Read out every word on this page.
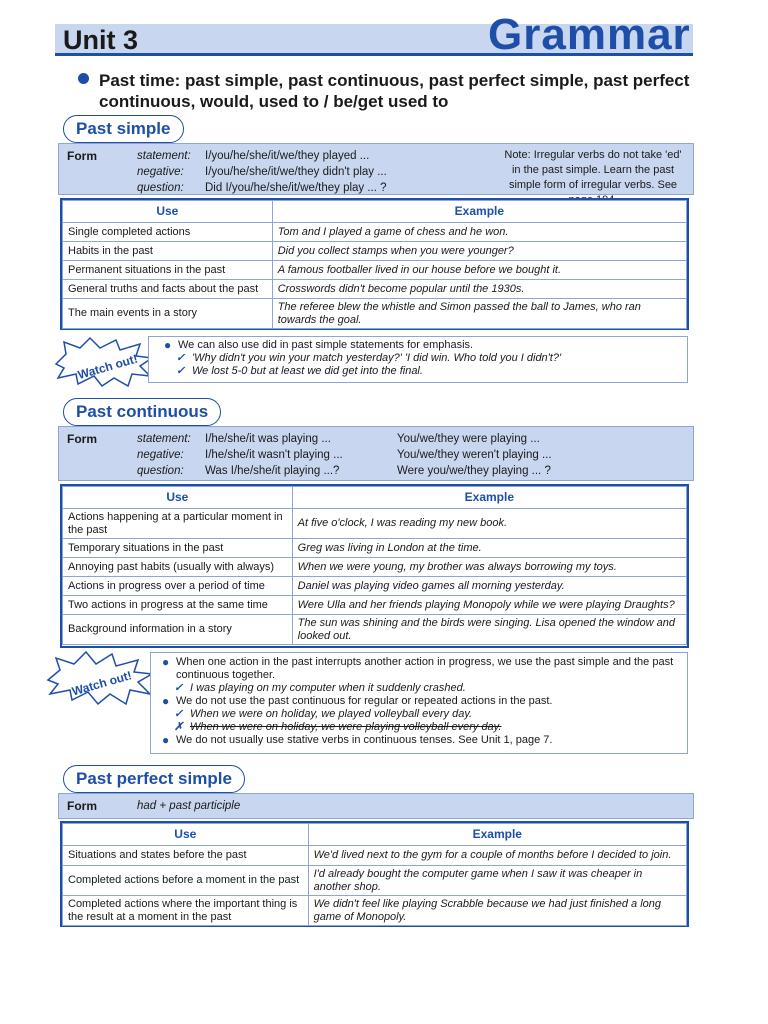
Unit 3	Grammar
Past time: past simple, past continuous, past perfect simple, past perfect
continuous, would, used to / be/get used to
Past simple
Form	statement:	I/you/he/she/it/we/they played ...
negative:	I/you/he/she/it/we/they didn't play ...
question:	Did I/you/he/she/it/we/they play ... ?
Note: Irregular verbs do not take 'ed' in the past simple. Learn the past simple form of irregular verbs. See
Use	Example
Single completed actions	Tom and I played a game of chess and he won.
Habits in the past	Did you collect stamps when you were younger?
Permanent situations in the past	A famous footballer lived in our house before we bought it.
General truths and facts about the past	Crosswords didn't become popular until the 1930s.
The main events in a story	The referee blew the whistle and Simon passed the ball to James, who ran towards the goal.
Watch out!
● We can also use did in past simple statements for emphasis.
✓ 'Why didn't you win your match yesterday?' 'I did win. Who told you I didn't?'
✓ We lost 5-0 but at least we did get into the final.
Past continuous
Form	statement:	I/he/she/it was playing ...	You/we/they were playing ...
negative:	I/he/she/it wasn't playing ...	You/we/they weren't playing ...
question:	Was I/he/she/it playing ...?	Were you/we/they playing ... ?
Use	Example
Actions happening at a particular moment in the past	At five o'clock, I was reading my new book.
Temporary situations in the past	Greg was living in London at the time.
Annoying past habits (usually with always)	When we were young, my brother was always borrowing my toys.
Actions in progress over a period of time	Daniel was playing video games all morning yesterday.
Two actions in progress at the same time	Were Ulla and her friends playing Monopoly while we were playing Draughts?
Background information in a story	The sun was shining and the birds were singing. Lisa opened the window and looked out.
Watch out!
● When one action in the past interrupts another action in progress, we use the past simple and the past continuous together.
✓ I was playing on my computer when it suddenly crashed.
● We do not use the past continuous for regular or repeated actions in the past.
✓ When we were on holiday, we played volleyball every day.
✗ When we were on holiday, we were playing volleyball every day.
● We do not usually use stative verbs in continuous tenses. See Unit 1, page 7.
Past perfect simple
Form	had + past participle
Use	Example
Situations and states before the past	We'd lived next to the gym for a couple of months before I decided to join.
Completed actions before a moment in the past	I'd already bought the computer game when I saw it was cheaper in another shop.
Completed actions where the important thing is the result at a moment in the past	We didn't feel like playing Scrabble because we had just finished a long game of Monopoly.
